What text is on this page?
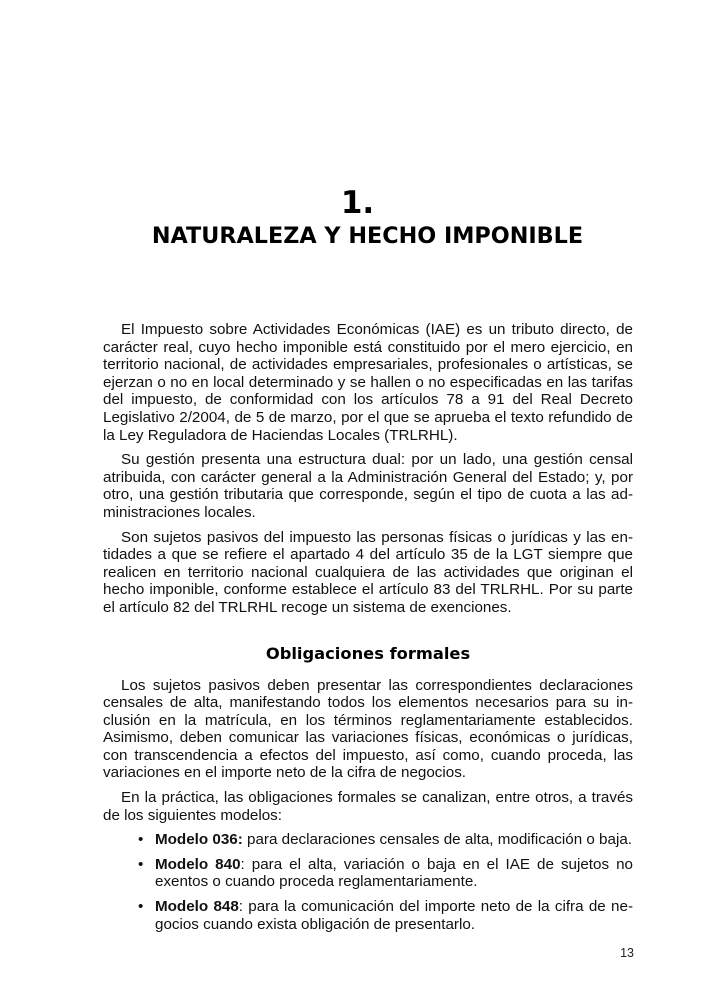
1.
NATURALEZA Y HECHO IMPONIBLE

El Impuesto sobre Actividades Económicas (IAE) es un tributo directo, de carácter real, cuyo hecho imponible está constituido por el mero ejercicio, en territorio nacional, de actividades empresariales, profesionales o artísticas, se ejerzan o no en local determinado y se hallen o no especificadas en las tarifas del impuesto, de conformidad con los artículos 78 a 91 del Real Decreto Legislativo 2/2004, de 5 de marzo, por el que se aprueba el texto refundido de la Ley Reguladora de Haciendas Locales (TRLRHL).

Su gestión presenta una estructura dual: por un lado, una gestión censal atribuida, con carácter general a la Administración General del Estado; y, por otro, una gestión tributaria que corresponde, según el tipo de cuota a las administraciones locales.

Son sujetos pasivos del impuesto las personas físicas o jurídicas y las entidades a que se refiere el apartado 4 del artículo 35 de la LGT siempre que realicen en territorio nacional cualquiera de las actividades que originan el hecho imponible, conforme establece el artículo 83 del TRLRHL. Por su parte el artículo 82 del TRLRHL recoge un sistema de exenciones.

Obligaciones formales

Los sujetos pasivos deben presentar las correspondientes declaraciones censales de alta, manifestando todos los elementos necesarios para su inclusión en la matrícula, en los términos reglamentariamente establecidos. Asimismo, deben comunicar las variaciones físicas, económicas o jurídicas, con transcendencia a efectos del impuesto, así como, cuando proceda, las variaciones en el importe neto de la cifra de negocios.

En la práctica, las obligaciones formales se canalizan, entre otros, a través de los siguientes modelos:

• Modelo 036: para declaraciones censales de alta, modificación o baja.
• Modelo 840: para el alta, variación o baja en el IAE de sujetos no exentos o cuando proceda reglamentariamente.
• Modelo 848: para la comunicación del importe neto de la cifra de negocios cuando exista obligación de presentarlo.
13
